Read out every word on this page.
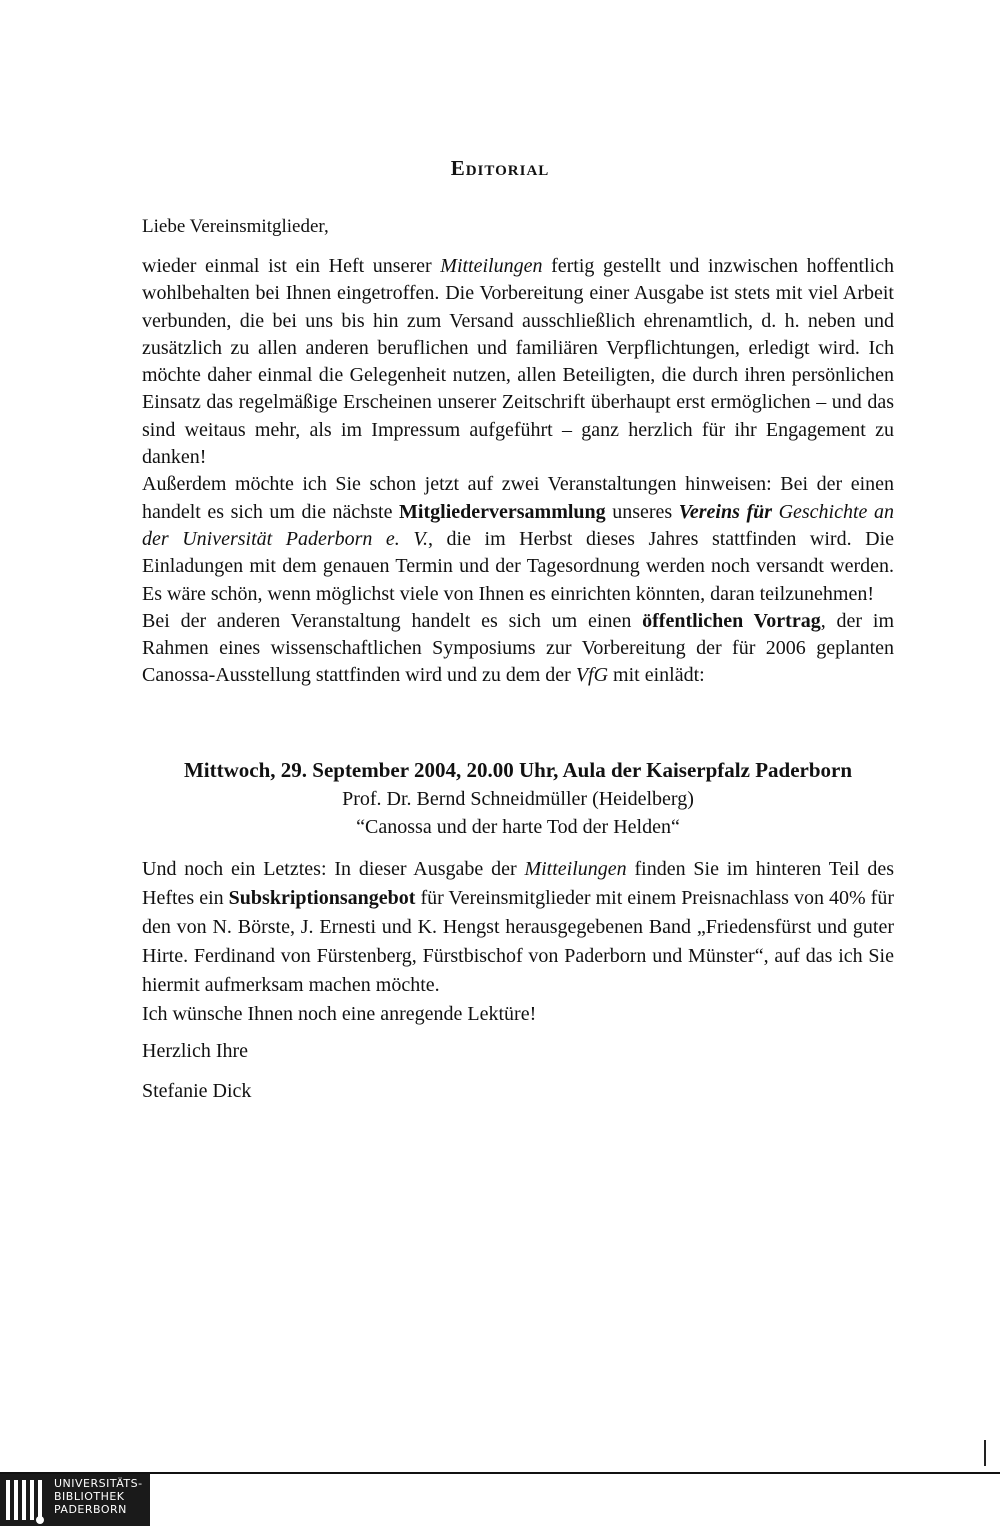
Editorial
Liebe Vereinsmitglieder,

wieder einmal ist ein Heft unserer Mitteilungen fertig gestellt und inzwischen hoffentlich wohlbehalten bei Ihnen eingetroffen. Die Vorbereitung einer Ausgabe ist stets mit viel Arbeit verbunden, die bei uns bis hin zum Versand ausschließlich ehrenamtlich, d. h. neben und zusätzlich zu allen anderen beruflichen und familiären Verpflichtungen, erledigt wird. Ich möchte daher einmal die Gelegenheit nutzen, allen Beteiligten, die durch ihren persönlichen Einsatz das regelmäßige Erscheinen unserer Zeitschrift überhaupt erst ermöglichen – und das sind weitaus mehr, als im Impressum aufgeführt – ganz herzlich für ihr Engagement zu danken!

Außerdem möchte ich Sie schon jetzt auf zwei Veranstaltungen hinweisen: Bei der einen handelt es sich um die nächste Mitgliederversammlung unseres Vereins für Geschichte an der Universität Paderborn e. V., die im Herbst dieses Jahres stattfinden wird. Die Einladungen mit dem genauen Termin und der Tagesordnung werden noch versandt werden. Es wäre schön, wenn möglichst viele von Ihnen es einrichten könnten, daran teilzunehmen!

Bei der anderen Veranstaltung handelt es sich um einen öffentlichen Vortrag, der im Rahmen eines wissenschaftlichen Symposiums zur Vorbereitung der für 2006 geplanten Canossa-Ausstellung stattfinden wird und zu dem der VfG mit einlädt:

Mittwoch, 29. September 2004, 20.00 Uhr, Aula der Kaiserpfalz Paderborn
Prof. Dr. Bernd Schneidmüller (Heidelberg)
“Canossa und der harte Tod der Helden“

Und noch ein Letztes: In dieser Ausgabe der Mitteilungen finden Sie im hinteren Teil des Heftes ein Subskriptionsangebot für Vereinsmitglieder mit einem Preisnachlass von 40% für den von N. Börste, J. Ernesti und K. Hengst herausgegebenen Band „Friedensfürst und guter Hirte. Ferdinand von Fürstenberg, Fürstbischof von Paderborn und Münster“, auf das ich Sie hiermit aufmerksam machen möchte.

Ich wünsche Ihnen noch eine anregende Lektüre!

Herzlich Ihre
Stefanie Dick
UNIVERSITÄTS-
BIBLIOTHEK
PADERBORN
